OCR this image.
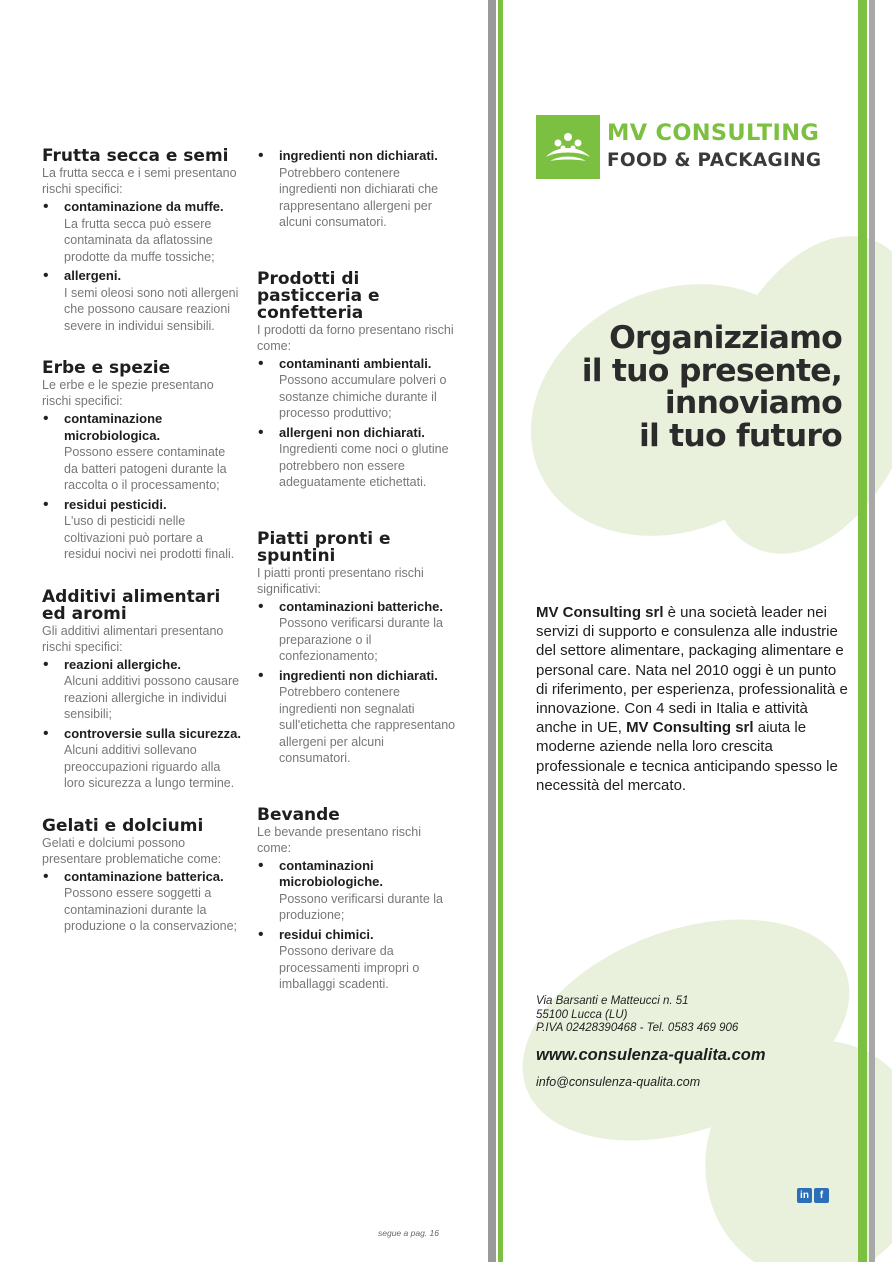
Frutta secca e semi
La frutta secca e i semi presentano rischi specifici:
• contaminazione da muffe.
La frutta secca può essere contaminata da aflatossine prodotte da muffe tossiche;
• allergeni.
I semi oleosi sono noti allergeni che possono causare reazioni severe in individui sensibili.
Erbe e spezie
Le erbe e le spezie presentano rischi specifici:
• contaminazione microbiologica.
Possono essere contaminate da batteri patogeni durante la raccolta o il processamento;
• residui pesticidi.
L'uso di pesticidi nelle coltivazioni può portare a residui nocivi nei prodotti finali.
Additivi alimentari ed aromi
Gli additivi alimentari presentano rischi specifici:
• reazioni allergiche.
Alcuni additivi possono causare reazioni allergiche in individui sensibili;
• controversie sulla sicurezza.
Alcuni additivi sollevano preoccupazioni riguardo alla loro sicurezza a lungo termine.
Gelati e dolciumi
Gelati e dolciumi possono presentare problematiche come:
• contaminazione batterica.
Possono essere soggetti a contaminazioni durante la produzione o la conservazione;
• ingredienti non dichiarati.
Potrebbero contenere ingredienti non dichiarati che rappresentano allergeni per alcuni consumatori.
Prodotti di pasticceria e confetteria
I prodotti da forno presentano rischi come:
• contaminanti ambientali.
Possono accumulare polveri o sostanze chimiche durante il processo produttivo;
• allergeni non dichiarati.
Ingredienti come noci o glutine potrebbero non essere adeguatamente etichettati.
Piatti pronti e spuntini
I piatti pronti presentano rischi significativi:
• contaminazioni batteriche.
Possono verificarsi durante la preparazione o il confezionamento;
• ingredienti non dichiarati.
Potrebbero contenere ingredienti non segnalati sull'etichetta che rappresentano allergeni per alcuni consumatori.
Bevande
Le bevande presentano rischi come:
• contaminazioni microbiologiche.
Possono verificarsi durante la produzione;
• residui chimici.
Possono derivare da processamenti impropri o imballaggi scadenti.
segue a pag. 16
MV CONSULTING
FOOD & PACKAGING
Organizziamo
il tuo presente,
innoviamo
il tuo futuro
MV Consulting srl è una società leader nei servizi di supporto e consulenza alle industrie del settore alimentare, packaging alimentare e personal care. Nata nel 2010 oggi è un punto di riferimento, per esperienza, professionalità e innovazione. Con 4 sedi in Italia e attività anche in UE, MV Consulting srl aiuta le moderne aziende nella loro crescita professionale e tecnica anticipando spesso le necessità del mercato.
Via Barsanti e Matteucci n. 51
55100 Lucca (LU)
P.IVA 02428390468 - Tel. 0583 469 906
www.consulenza-qualita.com
info@consulenza-qualita.com
in f
